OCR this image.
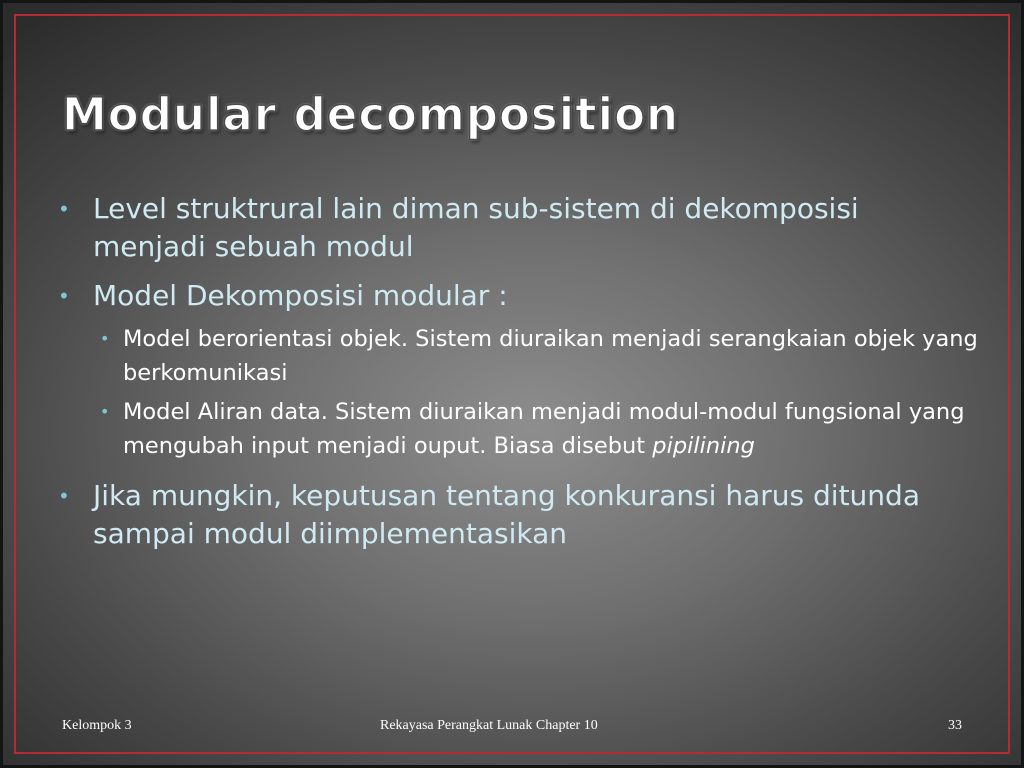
Modular decomposition
• Level struktrural lain diman sub-sistem di dekomposisi menjadi sebuah modul
• Model Dekomposisi modular :
• Model berorientasi objek. Sistem diuraikan menjadi serangkaian objek yang berkomunikasi
• Model Aliran data. Sistem diuraikan menjadi modul-modul fungsional yang mengubah input menjadi ouput. Biasa disebut pipilining
• Jika mungkin, keputusan tentang konkuransi harus ditunda sampai modul diimplementasikan
Kelompok 3	Rekayasa Perangkat Lunak Chapter 10	33
